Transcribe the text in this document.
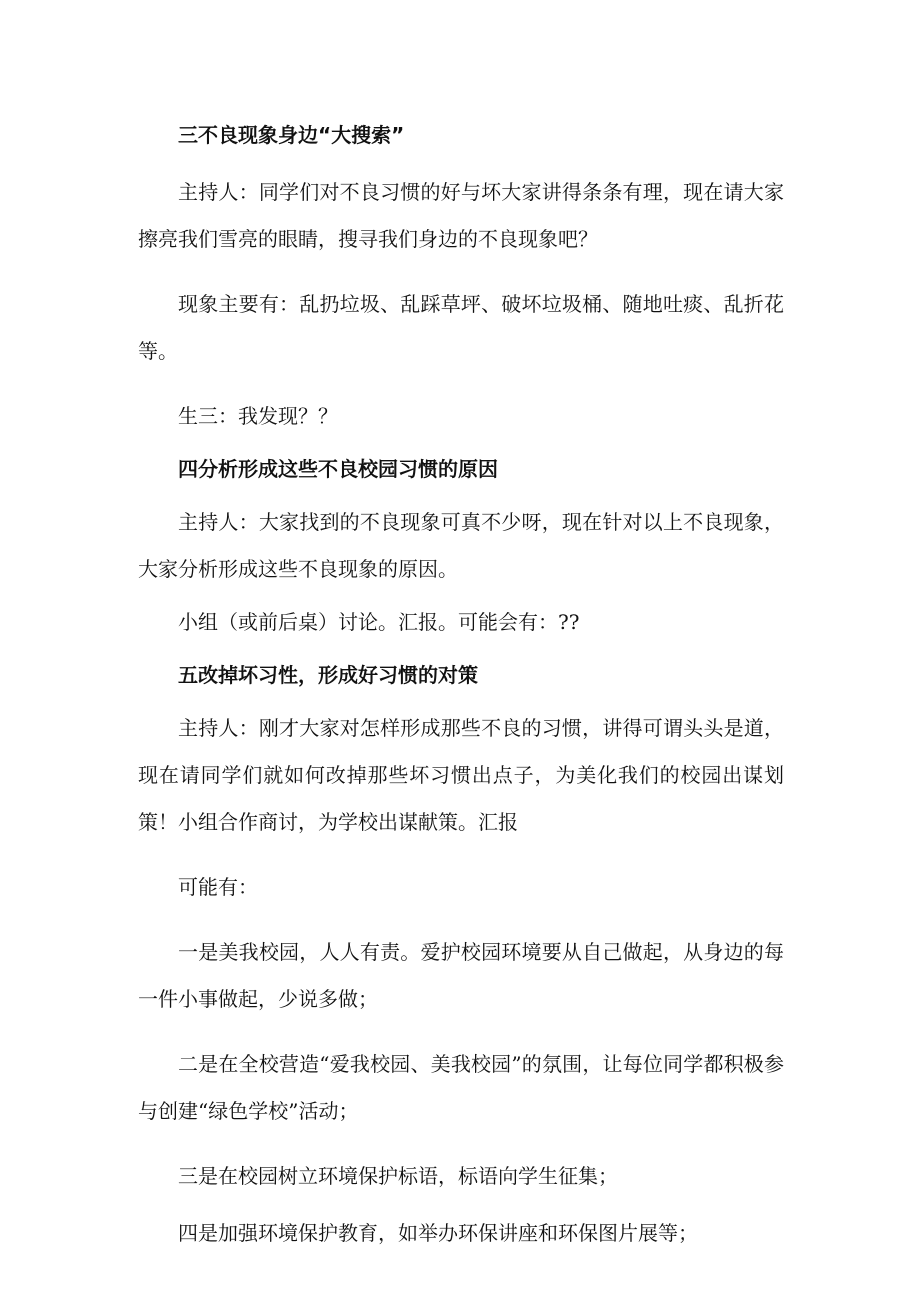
三不良现象身边“大搜索”

主持人：同学们对不良习惯的好与坏大家讲得条条有理，现在请大家擦亮我们雪亮的眼睛，搜寻我们身边的不良现象吧？

现象主要有：乱扔垃圾、乱踩草坪、破坏垃圾桶、随地吐痰、乱折花等。

生三：我发现？？

四分析形成这些不良校园习惯的原因

主持人：大家找到的不良现象可真不少呀，现在针对以上不良现象，大家分析形成这些不良现象的原因。

小组（或前后桌）讨论。汇报。可能会有：??

五改掉坏习性，形成好习惯的对策

主持人：刚才大家对怎样形成那些不良的习惯，讲得可谓头头是道，现在请同学们就如何改掉那些坏习惯出点子，为美化我们的校园出谋划策！小组合作商讨，为学校出谋献策。汇报

可能有：

一是美我校园，人人有责。爱护校园环境要从自己做起，从身边的每一件小事做起，少说多做；

二是在全校营造“爱我校园、美我校园”的氛围，让每位同学都积极参与创建“绿色学校”活动；

三是在校园树立环境保护标语，标语向学生征集；

四是加强环境保护教育，如举办环保讲座和环保图片展等；
